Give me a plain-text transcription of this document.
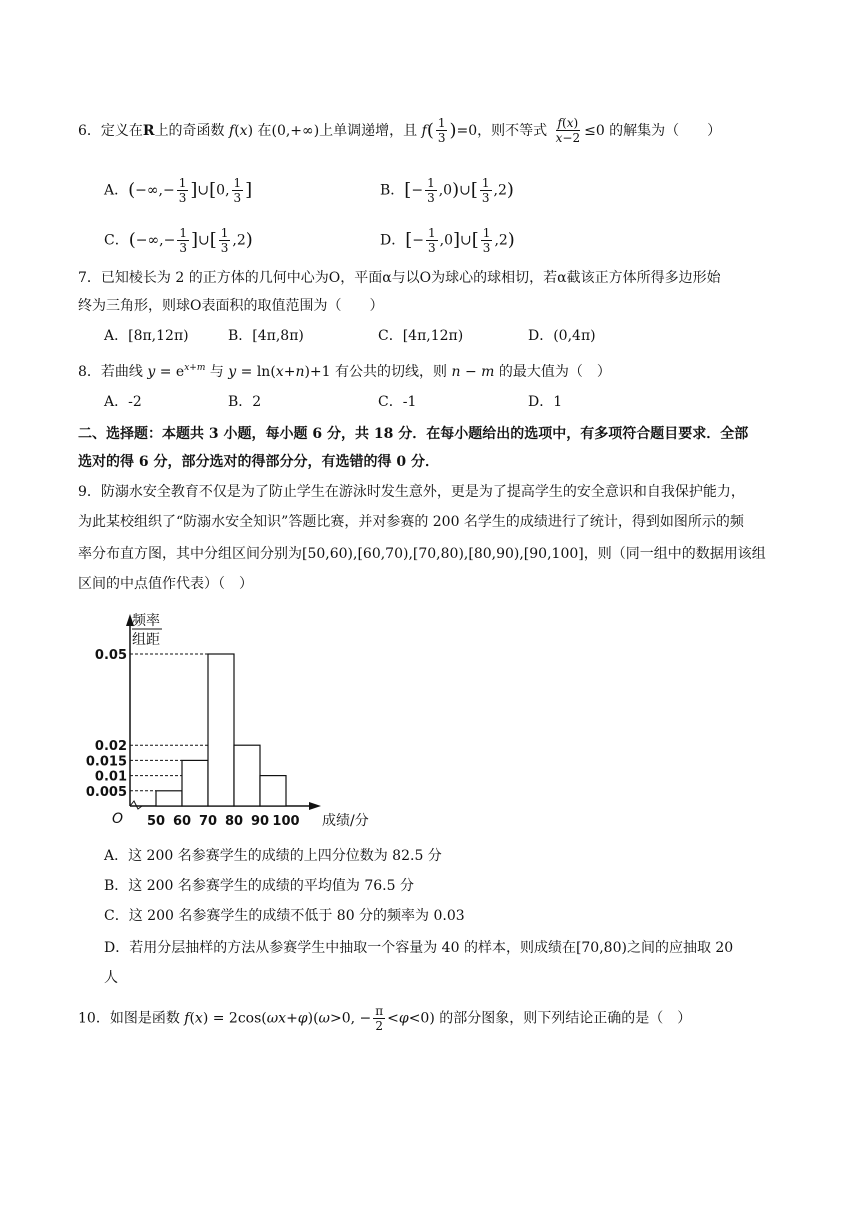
6．定义在R上的奇函数 f(x) 在(0,+∞)上单调递增，且 $f( \frac{1}{3} )=0$，则不等式 $\frac{f(x)}{x-2} \le 0$ 的解集为（　　）
A．(−∞,− $\frac{1}{3}$ ]∪[0, $\frac{1}{3}$ ]	B．[− $\frac{1}{3}$ ,0)∪[ $\frac{1}{3} ,2$)
C．(−∞,− $\frac{1}{3}$ ]∪[ $\frac{1}{3} ,2$)	D．[− $\frac{1}{3}$ ,0]∪[ $\frac{1}{3} ,2$)
7．已知棱长为 2 的正方体的几何中心为O，平面α与以O为球心的球相切，若α截该正方体所得多边形始
终为三角形，则球O表面积的取值范围为（　　）
A．[8π,12π)	B．[4π,8π)	C．[4π,12π)	D．(0,4π)
8．若曲线 $y = e^{x+m}$ 与 y = ln(x+n)+1 有公共的切线，则 n − m 的最大值为（　）
A．-2	B．2	C．-1	D．1
二、选择题：本题共 3 小题，每小题 6 分，共 18 分．在每小题给出的选项中，有多项符合题目要求．全部
选对的得 6 分，部分选对的得部分分，有选错的得 0 分．
9．防溺水安全教育不仅是为了防止学生在游泳时发生意外，更是为了提高学生的安全意识和自我保护能力，
为此某校组织了“防溺水安全知识”答题比赛，并对参赛的 200 名学生的成绩进行了统计，得到如图所示的频
率分布直方图，其中分组区间分别为[50,60),[60,70),[70,80),[80,90),[90,100]，则（同一组中的数据用该组
区间的中点值作代表）（　）
0.05
0.02
0.015
0.01
0.005
50 60 70 80 90 100
O
频率
组距
成绩/分
A．这 200 名参赛学生的成绩的上四分位数为 82.5 分
B．这 200 名参赛学生的成绩的平均值为 76.5 分
C．这 200 名参赛学生的成绩不低于 80 分的频率为 0.03
D．若用分层抽样的方法从参赛学生中抽取一个容量为 40 的样本，则成绩在[70,80)之间的应抽取 20
人
10．如图是函数 f(x) = 2cos(ωx+φ)(ω>0, − $\frac{\pi}{2} <\varphi<0$) 的部分图象，则下列结论正确的是（　）
